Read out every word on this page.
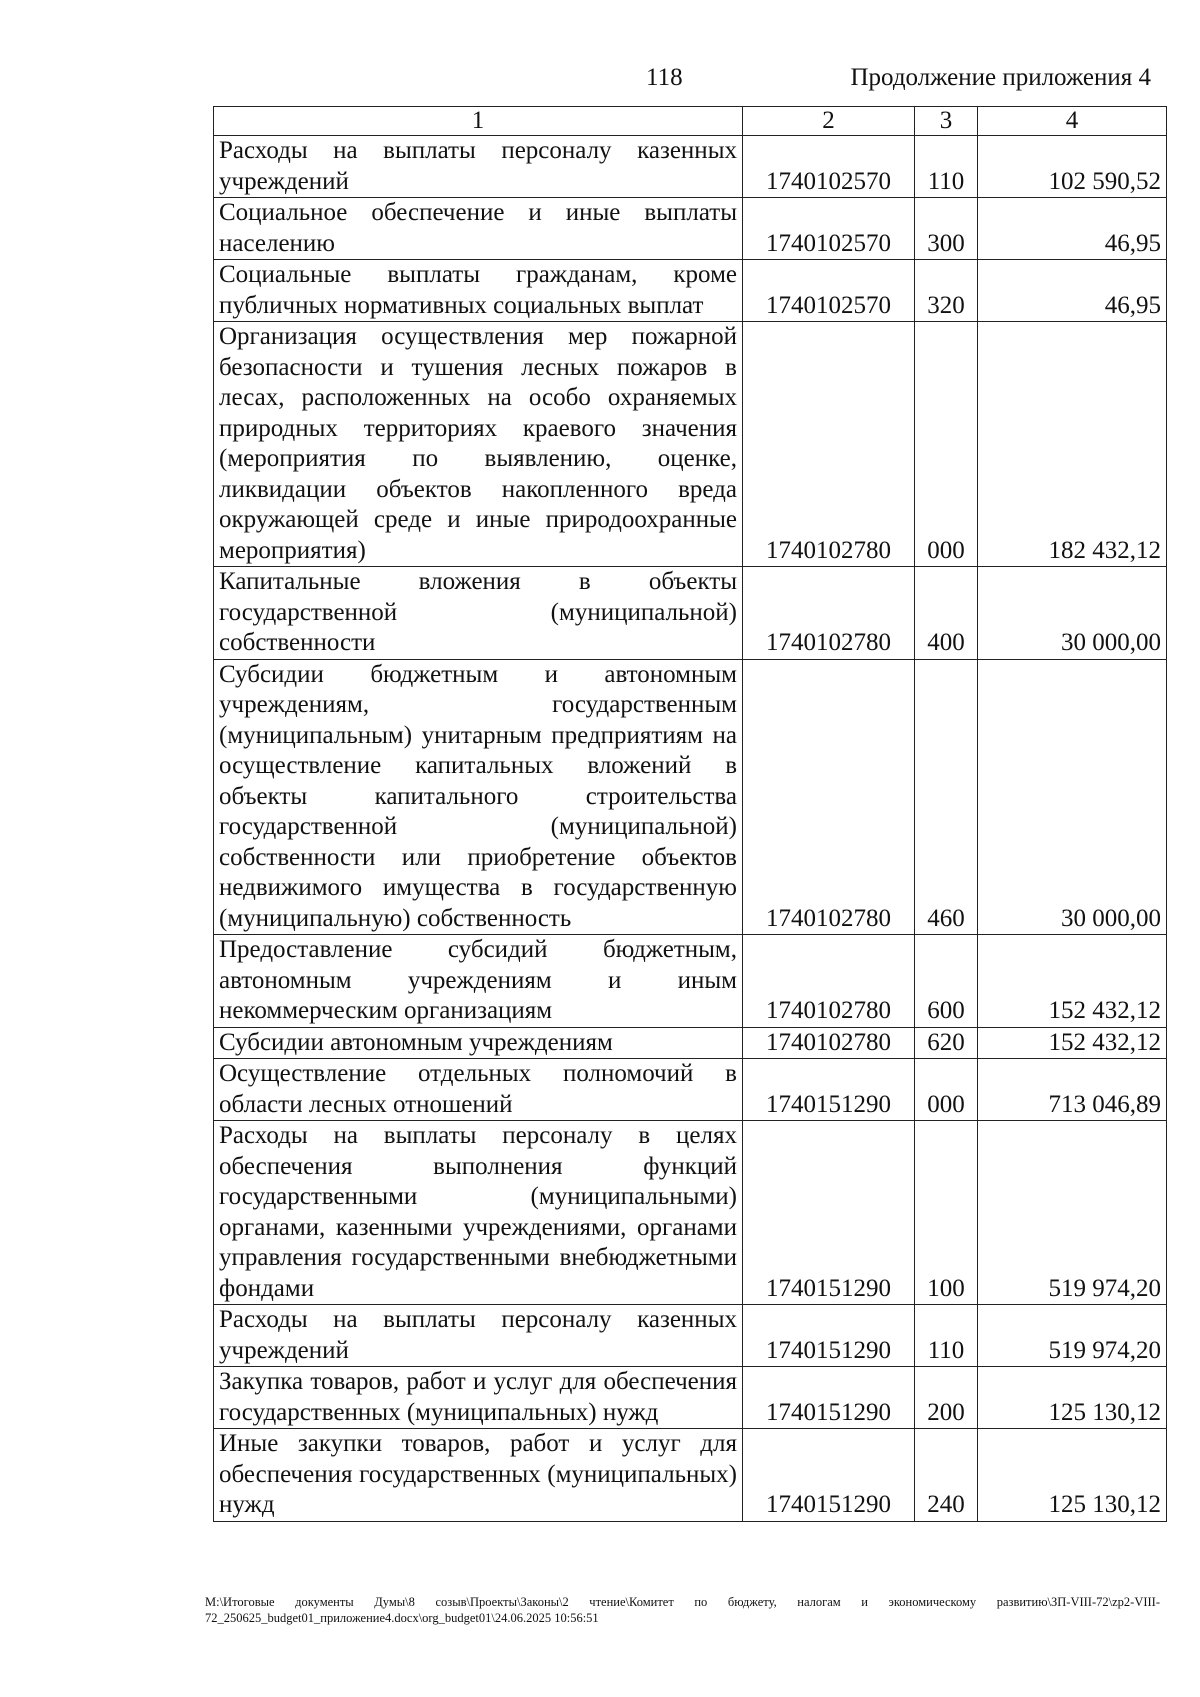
118	Продолжение приложения 4
1	2	3	4
Расходы на выплаты персоналу казенных учреждений	1740102570	110	102 590,52
Социальное обеспечение и иные выплаты населению	1740102570	300	46,95
Социальные выплаты гражданам, кроме публичных нормативных социальных выплат	1740102570	320	46,95
Организация осуществления мер пожарной безопасности и тушения лесных пожаров в лесах, расположенных на особо охраняемых природных территориях краевого значения (мероприятия по выявлению, оценке, ликвидации объектов накопленного вреда окружающей среде и иные природоохранные мероприятия)	1740102780	000	182 432,12
Капитальные вложения в объекты государственной (муниципальной) собственности	1740102780	400	30 000,00
Субсидии бюджетным и автономным учреждениям, государственным (муниципальным) унитарным предприятиям на осуществление капитальных вложений в объекты капитального строительства государственной (муниципальной) собственности или приобретение объектов недвижимого имущества в государственную (муниципальную) собственность	1740102780	460	30 000,00
Предоставление субсидий бюджетным, автономным учреждениям и иным некоммерческим организациям	1740102780	600	152 432,12
Субсидии автономным учреждениям	1740102780	620	152 432,12
Осуществление отдельных полномочий в области лесных отношений	1740151290	000	713 046,89
Расходы на выплаты персоналу в целях обеспечения выполнения функций государственными (муниципальными) органами, казенными учреждениями, органами управления государственными внебюджетными фондами	1740151290	100	519 974,20
Расходы на выплаты персоналу казенных учреждений	1740151290	110	519 974,20
Закупка товаров, работ и услуг для обеспечения государственных (муниципальных) нужд	1740151290	200	125 130,12
Иные закупки товаров, работ и услуг для обеспечения государственных (муниципальных) нужд	1740151290	240	125 130,12
M:\Итоговые документы Думы\8 созыв\Проекты\Законы\2 чтение\Комитет по бюджету, налогам и экономическому развитию\ЗП-VIII-72\zp2-VIII-72_250625_budget01_приложение4.docx\org_budget01\24.06.2025 10:56:51
